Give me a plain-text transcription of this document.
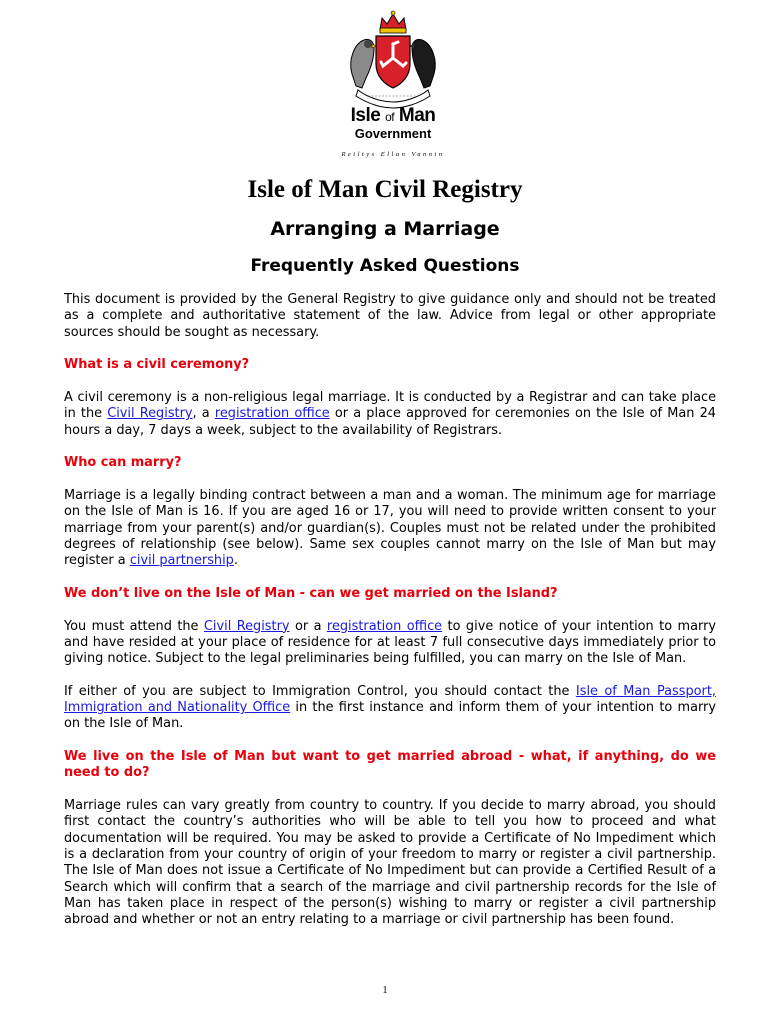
Isle of Man
Government
Reiltys Ellan Vannin
Isle of Man Civil Registry
Arranging a Marriage
Frequently Asked Questions

This document is provided by the General Registry to give guidance only and should not be treated as a complete and authoritative statement of the law. Advice from legal or other appropriate sources should be sought as necessary.

What is a civil ceremony?

A civil ceremony is a non-religious legal marriage. It is conducted by a Registrar and can take place in the Civil Registry, a registration office or a place approved for ceremonies on the Isle of Man 24 hours a day, 7 days a week, subject to the availability of Registrars.

Who can marry?

Marriage is a legally binding contract between a man and a woman. The minimum age for marriage on the Isle of Man is 16. If you are aged 16 or 17, you will need to provide written consent to your marriage from your parent(s) and/or guardian(s). Couples must not be related under the prohibited degrees of relationship (see below). Same sex couples cannot marry on the Isle of Man but may register a civil partnership.

We don’t live on the Isle of Man - can we get married on the Island?

You must attend the Civil Registry or a registration office to give notice of your intention to marry and have resided at your place of residence for at least 7 full consecutive days immediately prior to giving notice. Subject to the legal preliminaries being fulfilled, you can marry on the Isle of Man.

If either of you are subject to Immigration Control, you should contact the Isle of Man Passport, Immigration and Nationality Office in the first instance and inform them of your intention to marry on the Isle of Man.

We live on the Isle of Man but want to get married abroad - what, if anything, do we need to do?

Marriage rules can vary greatly from country to country. If you decide to marry abroad, you should first contact the country’s authorities who will be able to tell you how to proceed and what documentation will be required. You may be asked to provide a Certificate of No Impediment which is a declaration from your country of origin of your freedom to marry or register a civil partnership. The Isle of Man does not issue a Certificate of No Impediment but can provide a Certified Result of a Search which will confirm that a search of the marriage and civil partnership records for the Isle of Man has taken place in respect of the person(s) wishing to marry or register a civil partnership abroad and whether or not an entry relating to a marriage or civil partnership has been found.

1
